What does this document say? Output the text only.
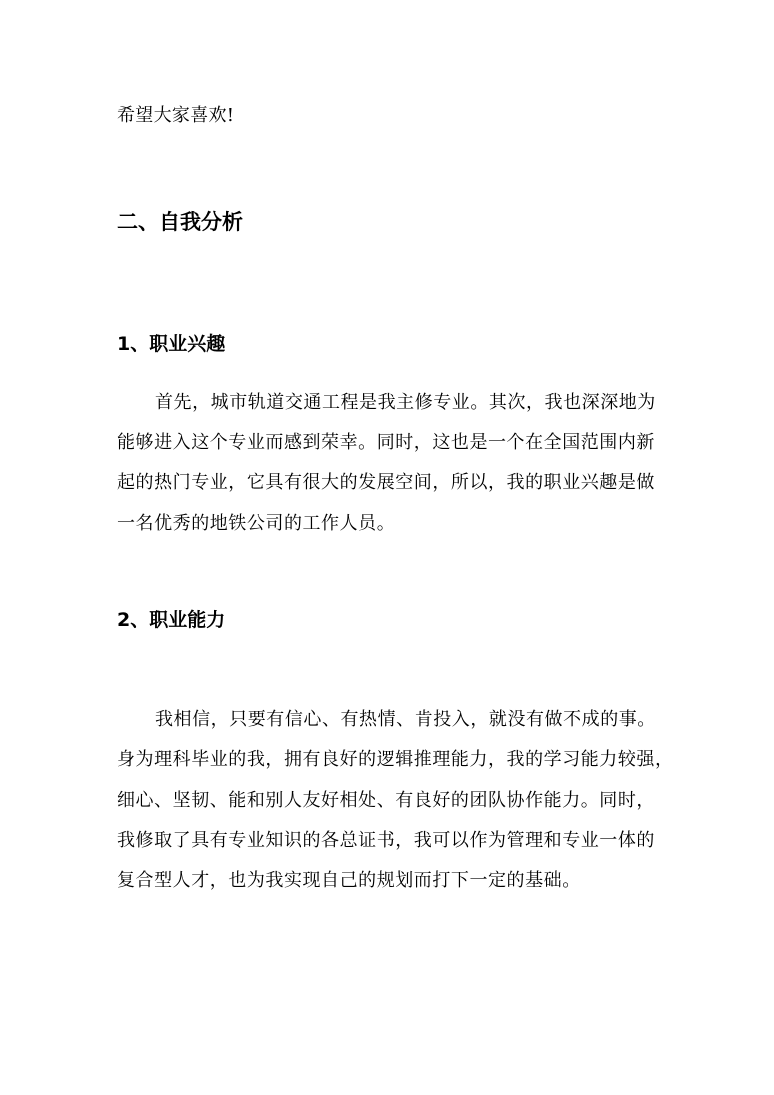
希望大家喜欢!
二、自我分析
1、职业兴趣
首先，城市轨道交通工程是我主修专业。其次，我也深深地为
能够进入这个专业而感到荣幸。同时，这也是一个在全国范围内新
起的热门专业，它具有很大的发展空间，所以，我的职业兴趣是做
一名优秀的地铁公司的工作人员。
2、职业能力
我相信，只要有信心、有热情、肯投入，就没有做不成的事。
身为理科毕业的我，拥有良好的逻辑推理能力，我的学习能力较强，
细心、坚韧、能和别人友好相处、有良好的团队协作能力。同时，
我修取了具有专业知识的各总证书，我可以作为管理和专业一体的
复合型人才，也为我实现自己的规划而打下一定的基础。
